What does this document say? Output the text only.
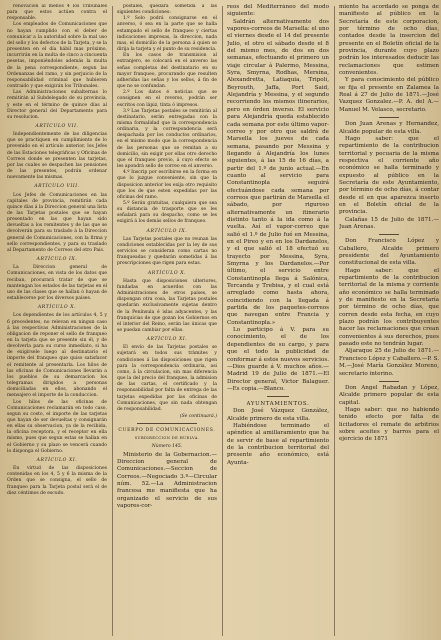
renovacion al menos 4 los Tribunales para que estos actúen contra el responsable.

Los empleados de Comunicaciones que no hayan cumplido con el deber de comunicar a la autoridad sobre la mal uso del sello y los defectos de la Tarjeta, y se la presenten en el día hábil mas próximo, incurrirán en la multa de cinco a cincuenta pesetas, imponiéndoles además la multa de la pena correspondiente, segun las Ordenanzas del ramo, y sin perjuicio de la responsabilidad criminal que hubieren contraido y que exigirán los Tribunales.

Las Administraciones subalternas lo remitirán al Subdelegado de su provincia, y este en el término de quince días al Director general del Departamento para su resolucion.

ARTÍCULO VII.

Independientemente de las diligencias que se practiquen en cumplimiento de lo prevenido en el artículo anterior, los Jefes de las Estaciones telegráficas y Oficinas de Correos donde se presenten las tarjetas, por las cuales se despachen las pensiones de las presentes, podrán ordenar nuevamente las mismas.

ARTÍCULO VIII.

Los Jefes de Comunicaciones en las capitales de provincia, remitirán cada quince días á la Direccion general una lista de las Tarjetas postales que se hayan presentado en las que hayan sido devueltas a los remitentes y de las que se devolverán para su traslado á la Direccion general de Comunicaciones, con la firma y sello correspondientes, y para su traslado al Departamento de Correos del otro País.

ARTÍCULO IX.

La Direccion general de Comunicaciones, en vista de los datos que reciban, procurará tratar de que se mantengan los estados de las tarjetas en el uso de las clases que se hallan ó hayan de establecerse por los diversos países.

ARTÍCULO X.

Los dependientes de los artículos 4, 5 y 6 precedentes, no relevan en ningun caso á las respectivas Administraciones de la obligacion de reponer el sello de franqueo en la tarjeta que se presente sin él, y de devolverla para su curso inmediato, si ha de exigírsele luego al destinatario el importe del franqueo que quiso satisfacer el remitente al presentarla. Los hilos de las oficinas de Comunicaciones llevarán a los pueblos de su demarcacion los telegramas dirigidos a personas domiciliadas en ellos, abonando el mensajero el importe de la conduccion.

Los hilos de las oficinas de Comunicaciones reclamarán en todo caso, segun su costo, el importe de las tarjetas que hayan de ser devueltas y consignarán en ellas su observacion, ya de la recibida, la oficina receptora, y el receptor en ella mismo, pues que segun estas se hallan en el Gobierno y su plazo se vencerá cuando lo disponga el Gobierno.

ARTÍCULO XI.

En virtud de las disposiciones contenidas en los 4, 5 y 6 la misma de la Orden que se consigna, el sello de franqueo para la Tarjeta postal será el de diez céntimos de escudo.

postales, quedará sometida á las siguientes condiciones:

1.º Solo podrá consignarse en el anverso, ó sea en la parte que se halla estampado el sello de franqueo y ciertas indicaciones impresas, la direccion, nada mas, el domicilio de la persona á quien se dirija la tarjeta y el punto de su residencia.

En los casos de transmision al extranjero, se colocará en el anverso las señas completas del destinatario en su mayor franqueo, procurando que resulten adheridas las señas y los sellos, á fin de que no se confundan.

2.º Los datos é noticias que se consignen en el reverso, podrán ser escritos con lápiz, tinta ó impresos.

3.º Las Tarjetas postales se remitirán al destinatario, serán entregadas con la misma formalidad que la correspondencia ordinaria, y la correspondencia será despachada por los conductos ordinarios, en el mismo modo que la correspondencia de las personas que se remitan a su domicilio, sin exigir por ellas otro derecho que el franqueo previo, á cuyo efecto se les apondrá sello de correo en el anverso.

4.º Inscrip por escribirse en la forma en que lo juzgue conveniente, sin que la disposicion anterior les exija otro requisito que los de que esten expedidas por las oficinas del ramo.

5.º Serán gratuitas, cualquiera que sea su distancia de trasporte que se les señalará para su despacho, como se les exigirá á los demás sellos de franqueo.

ARTÍCULO IX.

Las Tarjetas postales que no reunan las condiciones establecidas por la ley de sus servicios se consideran como cartas no franqueadas y quedarán sometidas á las prescripciones que rigen para estas.

ARTÍCULO X.

Hasta que disposiciones ulteriores, fundadas en acuerdos con las Administraciones de otros países, se dispongan otra cosa, las Tarjetas postales quedarán exclusivamente sujetas dentro de la Península é islas adyacentes, y las franquicias de que gozan los Gobiernos en el interior del Reino, serán las únicas que se puedan cambiar por ellas.

ARTÍCULO XI.

El envío de las Tarjetas postales se sujetará en todos sus trámites y condiciones á las disposiciones que rigen para la correspondencia ordinaria, asi como, á la circulacion, sin mas diferencia que la del precio del franqueo, la admision de las cartas, el certificado y la responsabilidad por falta de entrega de las tarjetas expedidas por las oficinas de Comunicaciones, que sin nada obtengan de responsabilidad.

(Se continuará.)

CUERPO DE COMUNICACIONES.

SUBDIRECCION DE HUELVA.

Número 145.

Ministerio de la Gobernacion.—Direccion general de Comunicaciones.—Seccion de Correos.—Negociado 3.º—Circular núm. 52.—La Administracion francesa me manifiesta que ha organizado el servicio de sus vapores-cor-

reos del Mediterráneo del modo siguiente:

Saldrán alternativamente dos vapores-correos de Marsella: el uno el viernes desde el 14 del presente Julio, el otro el sábado desde el 8 del mismo mes, de dos en dos semanas, efectuando el primero un viaje circular á Palermo, Messina, Syra, Smyrna, Rodhas, Mersina, Alexandretta, Latiaquia, Tripoli, Beyrouth, Jaffa, Port Said, Alejandría y Messina, y el segundo recorriendo los mismos itinerarios, pero en órden inverso. El servicio para Alejandría queda establecido cada semana por este último vapor-correo y por otro que saldrá de Marsella los jueves de cada semana, pasando por Messina y llegando á Alejandría los lunes siguientes, á las 15 de 16 días, a partir del 1.º de junio actual.—En cuanto al servicio para Constantinopla seguirá efectuándose cada semana por correos que partirán de Marsella el sábado, por riguroso alternativamente un itinerario distinto tanto á la ida como á la vuelta. Así el vapor-correo que salió el 1.º de Julio fué en Messina, en el Pireo y en en los Dardanelos, y el que salió el 18 efectuó su trayecto por Messina, Syra, Smyrna y los Dardanelos.—Por último, el servicio entre Constantinopla llega á Salónica, Tercanda y Trebisa, y el cual está arreglado como hasta ahora, coincidiendo con la llegada á partida de los paquetes-correos que navegan entre Francia y Constantinopla.»

Lo participo á V. para su conocimiento, el de los dependientes de su cargo, y para que el todo la publicidad de conformar á estos nuevos servicios.—Dios guarde á V. muchos años.—Madrid 19 de Julio de 1871.—El Director general, Victor Balaguer.—Es copia.—Blanco.

AYUNTAMIENTOS.

Don José Vázquez González, Alcalde primero de esta villa.

Habiéndose terminado el apéndice al amillaramiento que ha de servir de base al repartimiento de la contribucion territorial del presente año económico, está Ayunta-

miento ha acordado se ponga de manifiesto al público en la Secretaría de este corporacion, por término de ocho días, contados desde la insercion del presente en el Boletín oficial de la provincia, durante cuyo plazo podrán los interesados deducir las reclamaciones que estimen convenientes.

Y para conocimiento del público se fija el presente en Zalamea la Real á 27 de Julio de 1871.—José Vazquez Gonzalez.—P. A. del A.—Manuel M. Velasco, secretario.

Don Juan Arenas y Hernandez, Alcalde popular de esta villa.

Hago saber: que el repartimiento de la contribucion territorial y pecuaria de la misma respectiva el corriente año económico se halla terminado y expuesto al público en la Secretaría de este Ayuntamiento, por término de ocho días, á contar desde el en que aparezca inserto en el Boletín oficial de la provincia.

Calañas 15 de Julio de 1871.—Juan Arenas.

Don Francisco López y Caballero, Alcalde primero presidente del Ayuntamiento constitucional de esta villa.

Hago saber: que el repartimiento de la contribucion territorial de la misma y corriente año económico se halla terminado y de manifiesto en la Secretaría por término de ocho días, que corren desde esta fecha, en cuyo plazo podrán los contribuyentes hacer las reclamaciones que crean convenientes á sus derechos, pues pasado este no tendrán lugar.

Aljaraque 25 de Julio de 1871.—Francisco López y Caballero.—P. S. M.—José María González Moreno, secretario interino.

Don Angel Rabadan y López, Alcalde primero popular de esta capital.

Hago saber: que no habiendo tenido efecto por falta de licitadores el remate de arbitrios sobre aceites y barros para el ejercicio de 1871
